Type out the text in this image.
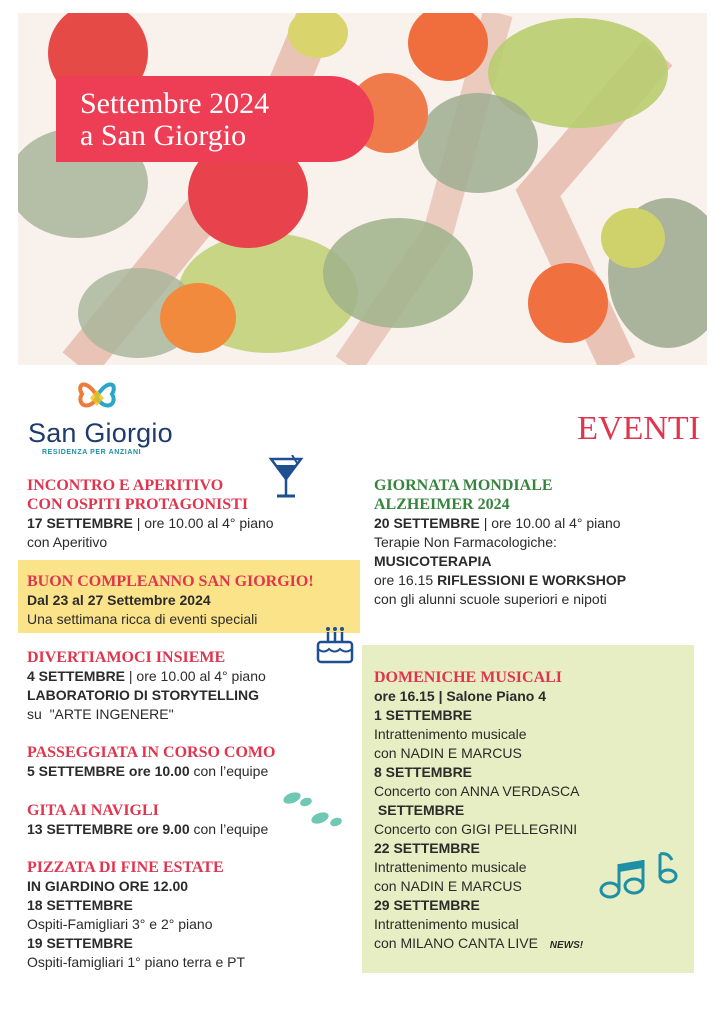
Settembre 2024
a San Giorgio
San Giorgio
RESIDENZA PER ANZIANI
EVENTI
INCONTRO E APERITIVO
CON OSPITI PROTAGONISTI
17 SETTEMBRE | ore 10.00 al 4° piano
con Aperitivo
BUON COMPLEANNO SAN GIORGIO!
Dal 23 al 27 Settembre 2024
Una settimana ricca di eventi speciali
DIVERTIAMOCI INSIEME
4 SETTEMBRE | ore 10.00 al 4° piano
LABORATORIO DI STORYTELLING
su  "ARTE INGENERE"
PASSEGGIATA IN CORSO COMO
5 SETTEMBRE ore 10.00 con l’equipe
GITA AI NAVIGLI
13 SETTEMBRE ore 9.00 con l’equipe
PIZZATA DI FINE ESTATE
IN GIARDINO ORE 12.00
18 SETTEMBRE
Ospiti-Famigliari 3° e 2° piano
19 SETTEMBRE
Ospiti-famigliari 1° piano terra e PT
GIORNATA MONDIALE
ALZHEIMER 2024
20 SETTEMBRE | ore 10.00 al 4° piano
Terapie Non Farmacologiche:
MUSICOTERAPIA
ore 16.15 RIFLESSIONI E WORKSHOP
con gli alunni scuole superiori e nipoti
DOMENICHE MUSICALI
ore 16.15 | Salone Piano 4
1 SETTEMBRE
Intrattenimento musicale
con NADIN E MARCUS
8 SETTEMBRE
Concerto con ANNA VERDASCA
SETTEMBRE
Concerto con GIGI PELLEGRINI
22 SETTEMBRE
Intrattenimento musicale
con NADIN E MARCUS
29 SETTEMBRE
Intrattenimento musical
con MILANO CANTA LIVE NEWS!
